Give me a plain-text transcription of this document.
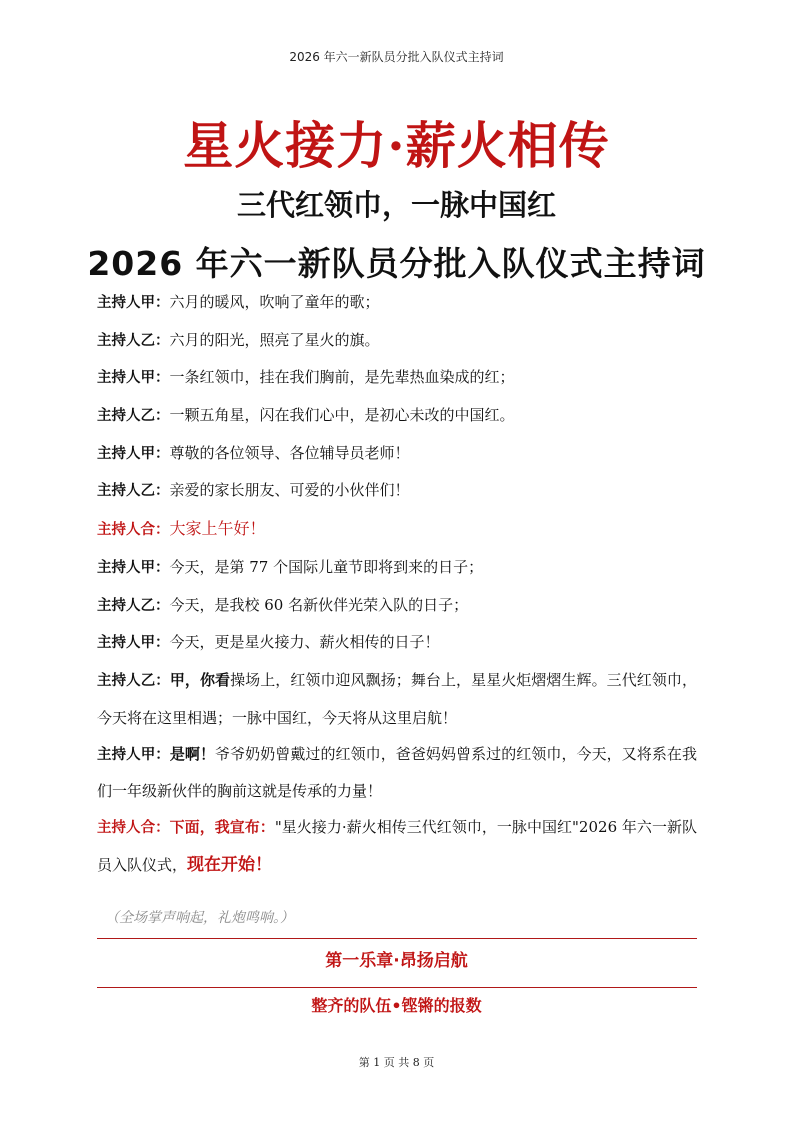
2026 年六一新队员分批入队仪式主持词
星火接力·薪火相传
三代红领巾，一脉中国红
2026 年六一新队员分批入队仪式主持词
主持人甲：六月的暖风，吹响了童年的歌；
主持人乙：六月的阳光，照亮了星火的旗。
主持人甲：一条红领巾，挂在我们胸前，是先辈热血染成的红；
主持人乙：一颗五角星，闪在我们心中，是初心未改的中国红。
主持人甲：尊敬的各位领导、各位辅导员老师！
主持人乙：亲爱的家长朋友、可爱的小伙伴们！
主持人合：大家上午好！
主持人甲：今天，是第 77 个国际儿童节即将到来的日子；
主持人乙：今天，是我校 60 名新伙伴光荣入队的日子；
主持人甲：今天，更是星火接力、薪火相传的日子！
主持人乙：甲，你看操场上，红领巾迎风飘扬；舞台上，星星火炬熠熠生辉。三代红领巾，今天将在这里相遇；一脉中国红，今天将从这里启航！
主持人甲：是啊！爷爷奶奶曾戴过的红领巾，爸爸妈妈曾系过的红领巾，今天，又将系在我们一年级新伙伴的胸前这就是传承的力量！
主持人合：下面，我宣布："星火接力·薪火相传三代红领巾，一脉中国红"2026 年六一新队员入队仪式，现在开始！
（全场掌声响起，礼炮鸣响。）
第一乐章·昂扬启航
整齐的队伍•铿锵的报数
第 1 页 共 8 页
